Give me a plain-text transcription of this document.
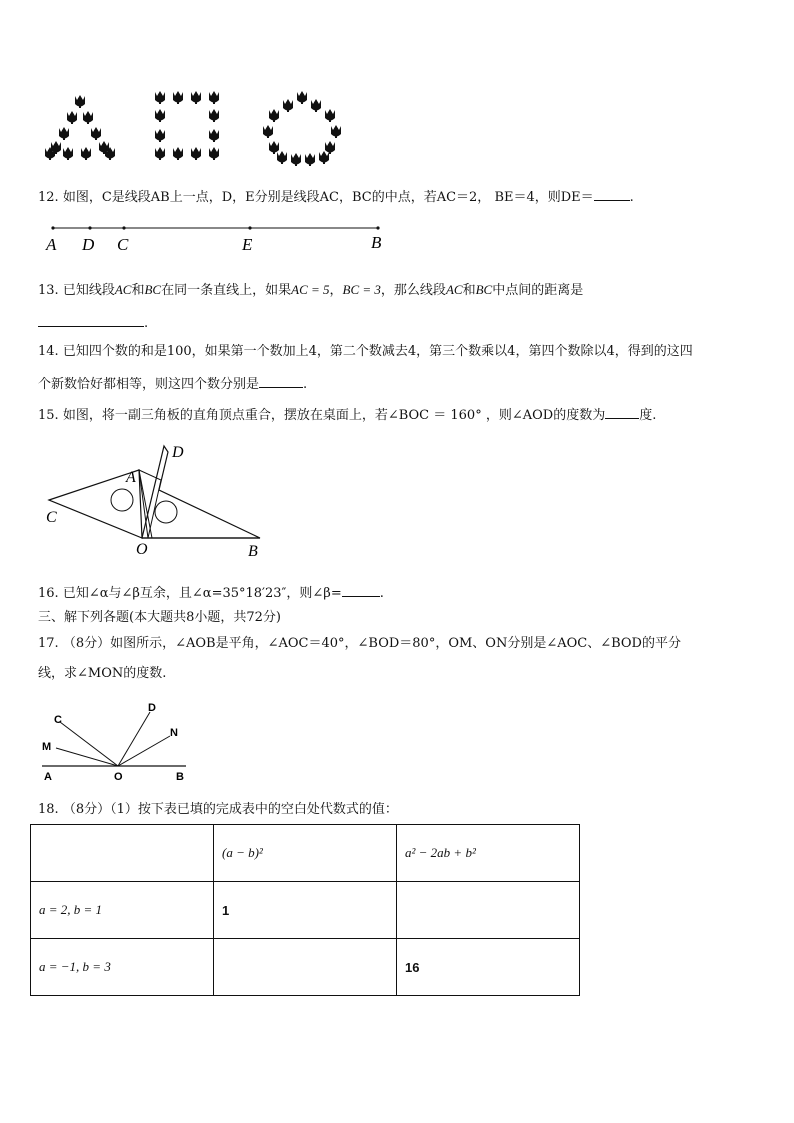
12. 如图，C是线段AB上一点，D，E分别是线段AC，BC的中点，若AC＝2， BE＝4，则DE＝	.
A D C	E	B
13. 已知线段AC和BC在同一条直线上，如果AC = 5，BC = 3，那么线段AC和BC中点间的距离是
.
14. 已知四个数的和是100，如果第一个数加上4，第二个数减去4，第三个数乘以4，第四个数除以4，得到的这四
个新数恰好都相等，则这四个数分别是	.
15. 如图，将一副三角板的直角顶点重合，摆放在桌面上，若∠BOC ＝ 160° ，则∠AOD的度数为	度.
D
A
C
O	B
16. 已知∠α与∠β互余，且∠α=35°18′23″，则∠β=	.
三、解下列各题(本大题共8小题，共72分)
17. （8分）如图所示，∠AOB是平角，∠AOC＝40°，∠BOD＝80°，OM、ON分别是∠AOC、∠BOD的平分
线，求∠MON的度数.
C
D
M
N
A	O	B
18. （8分）（1）按下表已填的完成表中的空白处代数式的值：
	(a − b)²	a² − 2ab + b²
a = 2, b = 1	1	
a = −1, b = 3		16
